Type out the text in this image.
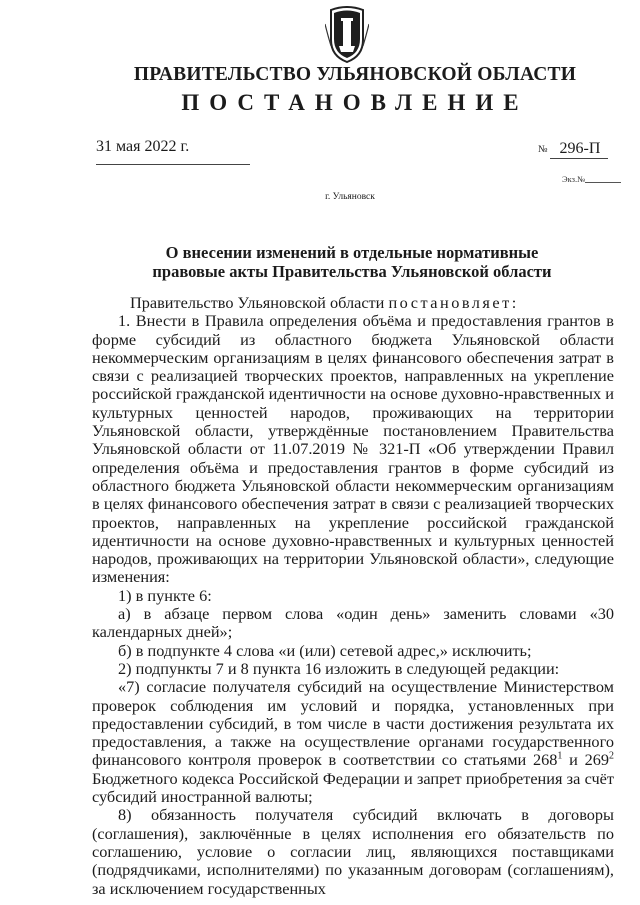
ПРАВИТЕЛЬСТВО УЛЬЯНОВСКОЙ ОБЛАСТИ
ПОСТАНОВЛЕНИЕ
31 мая 2022 г.	№ 296-П
Экз.№
г. Ульяновск
О внесении изменений в отдельные нормативные
правовые акты Правительства Ульяновской области

Правительство Ульяновской области постановляет:

1. Внести в Правила определения объёма и предоставления грантов в форме субсидий из областного бюджета Ульяновской области некоммерческим организациям в целях финансового обеспечения затрат в связи с реализацией творческих проектов, направленных на укрепление российской гражданской идентичности на основе духовно-нравственных и культурных ценностей народов, проживающих на территории Ульяновской области, утверждённые постановлением Правительства Ульяновской области от 11.07.2019 № 321-П «Об утверждении Правил определения объёма и предоставления грантов в форме субсидий из областного бюджета Ульяновской области некоммерческим организациям в целях финансового обеспечения затрат в связи с реализацией творческих проектов, направленных на укрепление российской гражданской идентичности на основе духовно-нравственных и культурных ценностей народов, проживающих на территории Ульяновской области», следующие изменения:

1) в пункте 6:

а) в абзаце первом слова «один день» заменить словами «30 календарных дней»;

б) в подпункте 4 слова «и (или) сетевой адрес,» исключить;

2) подпункты 7 и 8 пункта 16 изложить в следующей редакции:

«7) согласие получателя субсидий на осуществление Министерством проверок соблюдения им условий и порядка, установленных при предоставлении субсидий, в том числе в части достижения результата их предоставления, а также на осуществление органами государственного финансового контроля проверок в соответствии со статьями $268^1$ и $269^2$ Бюджетного кодекса Российской Федерации и запрет приобретения за счёт субсидий иностранной валюты;

8) обязанность получателя субсидий включать в договоры (соглашения), заключённые в целях исполнения его обязательств по соглашению, условие о согласии лиц, являющихся поставщиками (подрядчиками, исполнителями) по указанным договорам (соглашениям), за исключением государственных
